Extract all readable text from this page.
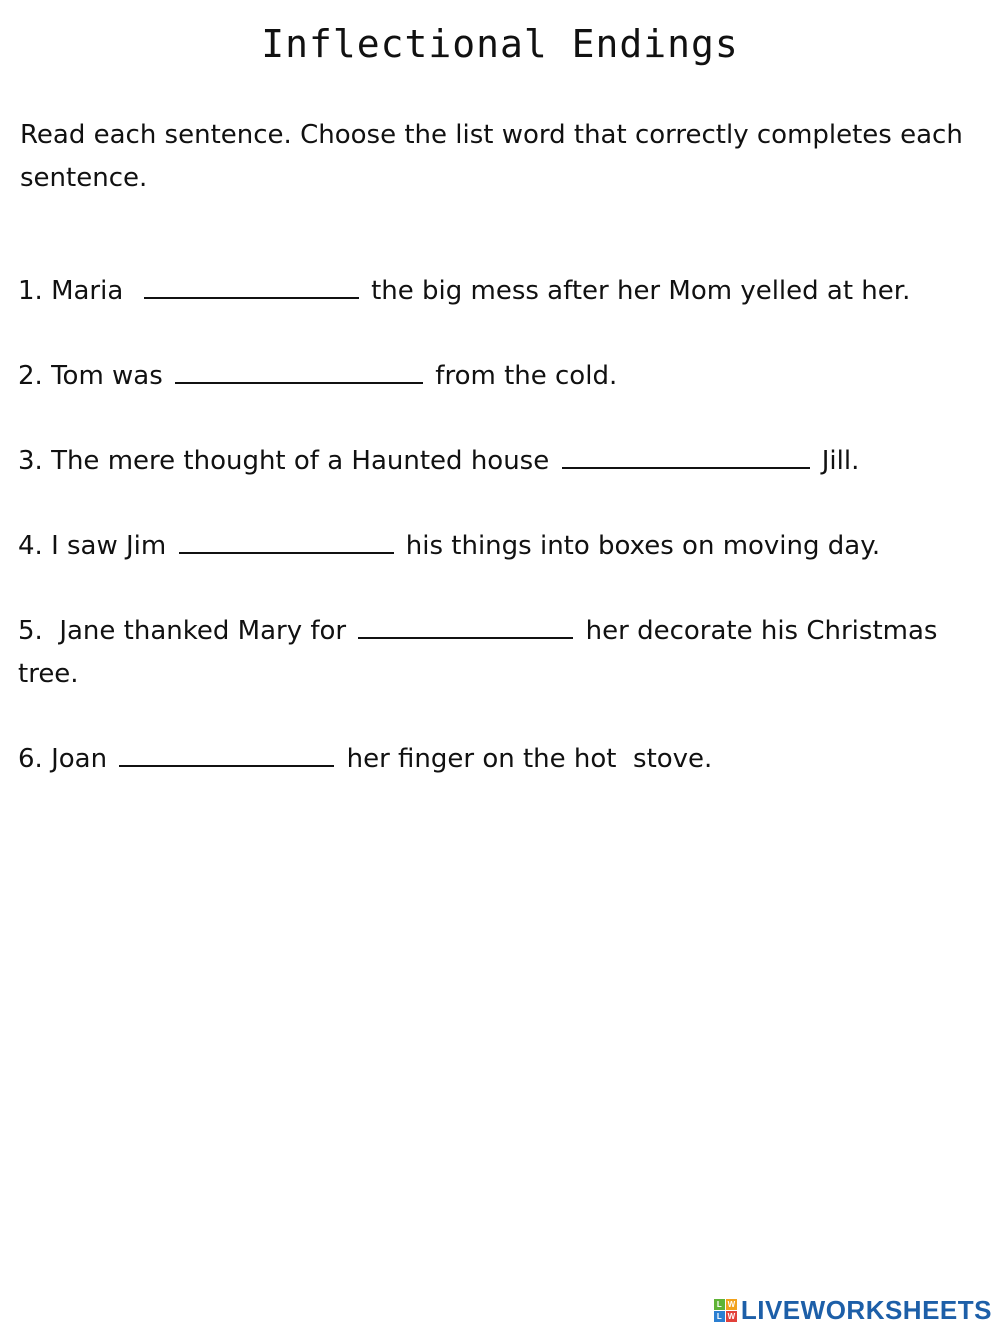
Inflectional Endings
Read each sentence. Choose the list word that correctly completes each sentence.
1. Maria	the big mess after her Mom yelled at her.
2. Tom was	from the cold.
3. The mere thought of a Haunted house	Jill.
4. I saw Jim	his things into boxes on moving day.
5.  Jane thanked Mary for	her decorate his Christmas tree.
6. Joan	her finger on the hot  stove.
L W
L W LIVEWORKSHEETS
